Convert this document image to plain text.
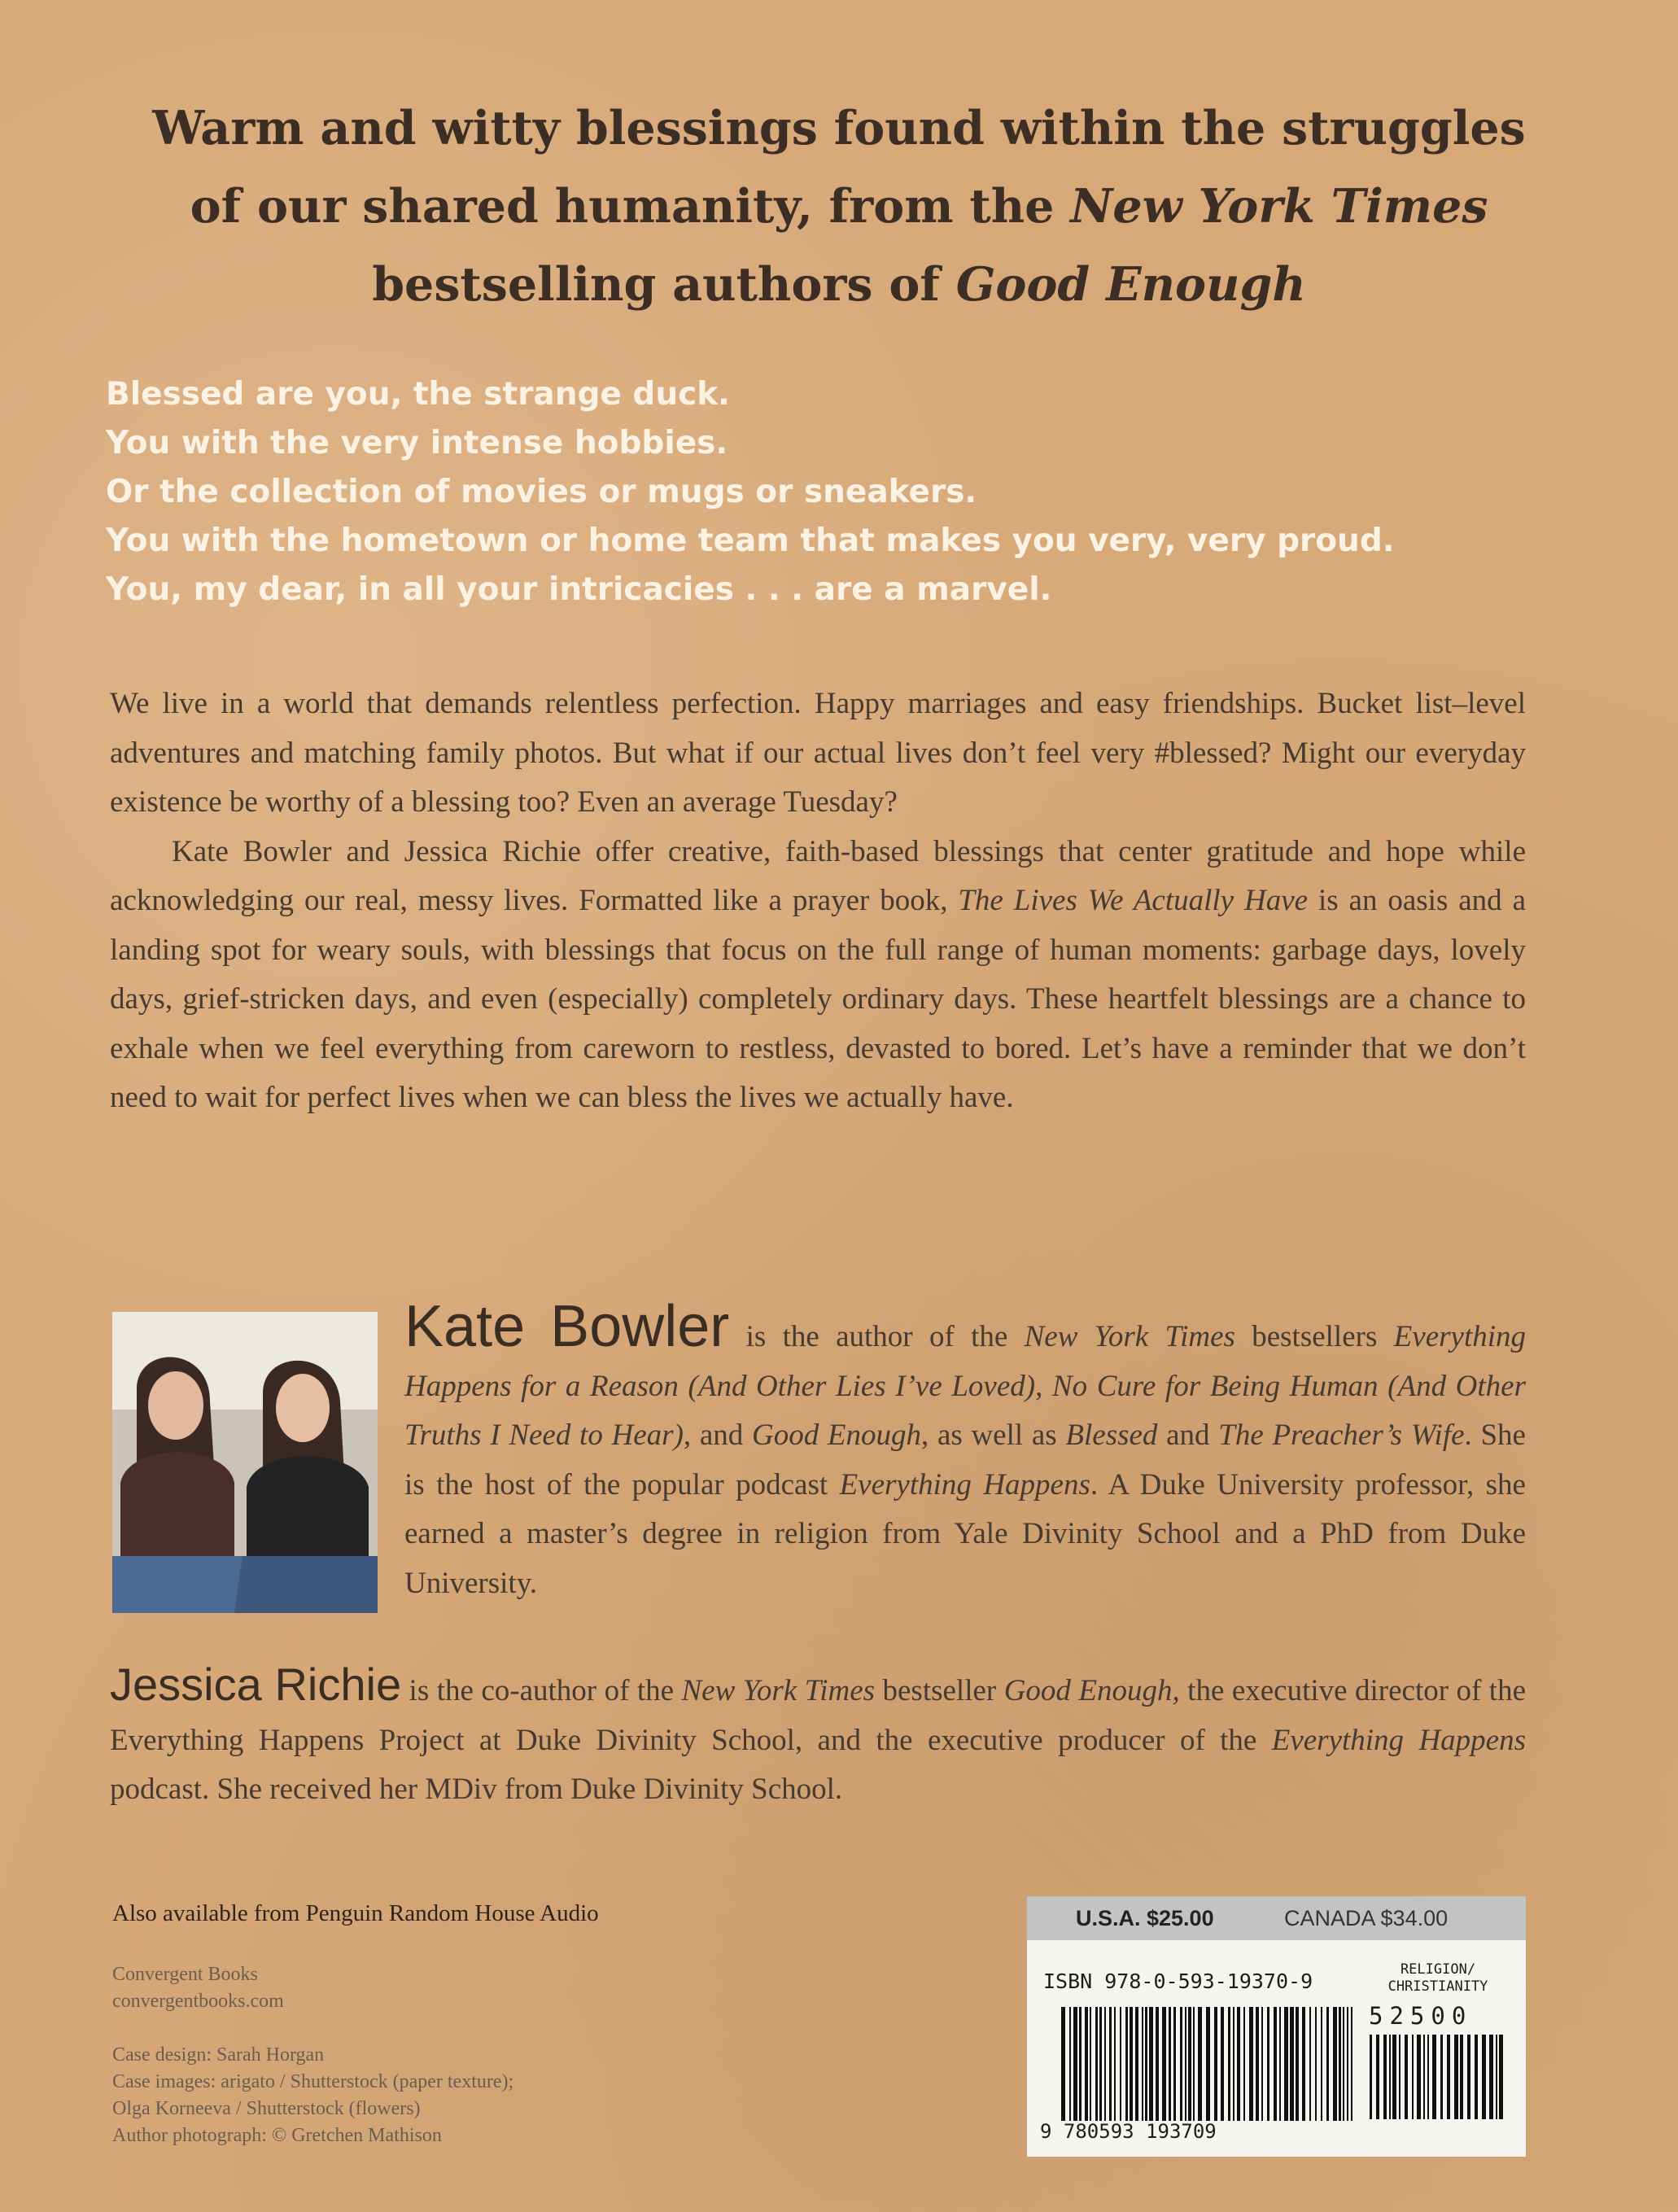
Warm and witty blessings found within the struggles
of our shared humanity, from the New York Times
bestselling authors of Good Enough
Blessed are you, the strange duck.
You with the very intense hobbies.
Or the collection of movies or mugs or sneakers.
You with the hometown or home team that makes you very, very proud.
You, my dear, in all your intricacies . . . are a marvel.

We live in a world that demands relentless perfection. Happy marriages and easy friendships. Bucket list–level adventures and matching family photos. But what if our actual lives don’t feel very #blessed? Might our everyday existence be worthy of a blessing too? Even an average Tuesday?

Kate Bowler and Jessica Richie offer creative, faith-based blessings that center gratitude and hope while acknowledging our real, messy lives. Formatted like a prayer book, The Lives We Actually Have is an oasis and a landing spot for weary souls, with blessings that focus on the full range of human moments: garbage days, lovely days, grief-stricken days, and even (especially) completely ordinary days. These heartfelt blessings are a chance to exhale when we feel everything from careworn to restless, devasted to bored. Let’s have a reminder that we don’t need to wait for perfect lives when we can bless the lives we actually have.

Kate Bowler is the author of the New York Times bestsellers Everything Happens for a Reason (And Other Lies I’ve Loved), No Cure for Being Human (And Other Truths I Need to Hear), and Good Enough, as well as Blessed and The Preacher’s Wife. She is the host of the popular podcast Everything Happens. A Duke University professor, she earned a master’s degree in religion from Yale Divinity School and a PhD from Duke University.
Jessica Richie is the co-author of the New York Times bestseller Good Enough, the executive director of the Everything Happens Project at Duke Divinity School, and the executive producer of the Everything Happens podcast. She received her MDiv from Duke Divinity School.
Also available from Penguin Random House Audio
Convergent Books
convergentbooks.com
Case design: Sarah Horgan
Case images: arigato / Shutterstock (paper texture);
Olga Korneeva / Shutterstock (flowers)
Author photograph: © Gretchen Mathison
U.S.A. $25.00	CANADA $34.00
ISBN 978-0-593-19370-9	RELIGION/
CHRISTIANITY
52500
9 780593 193709
